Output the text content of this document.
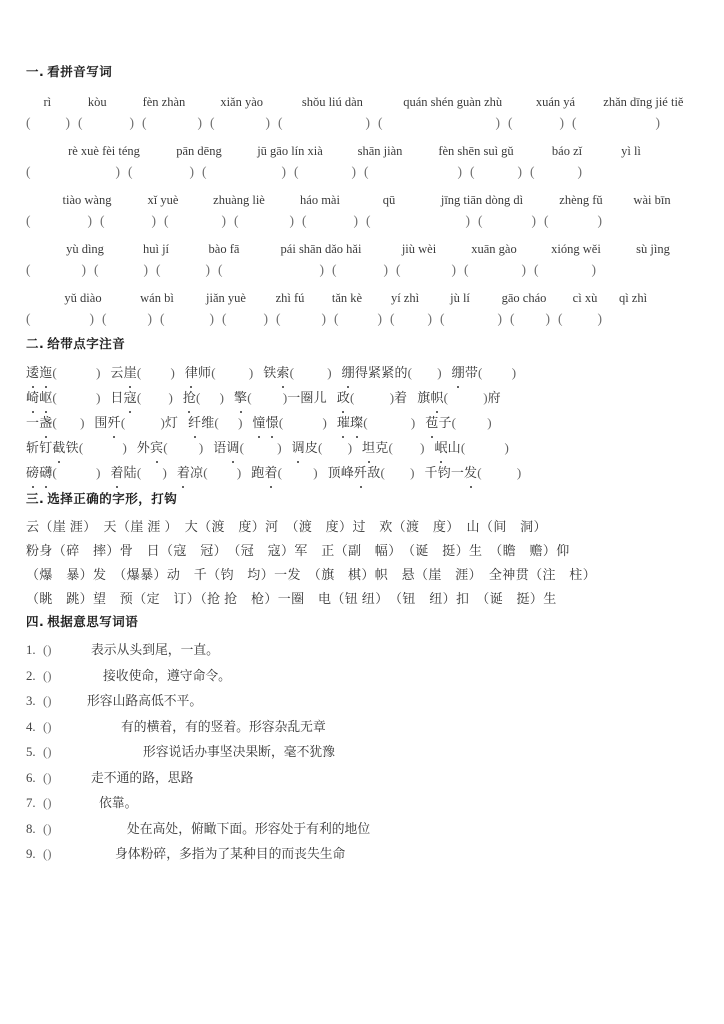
一. 看拼音写词
rì	kòu	fèn zhàn	xiǎn yào	shǒu liú dàn	quán shén guàn zhù	xuán yá	zhǎn dīng jié tiě
(	) (	) (	) (	) (	) (	) (	) (	)
rè xuè fèi téng	pān dēng	jū gāo lín xià	shān jiàn	fèn shēn suì gǔ	báo zǐ	yì lì
(	) (	) (	) (	) (	) (	) (	)
tiào wàng	xǐ yuè	zhuàng liè	háo mài	qū	jīng tiān dòng dì	zhèng fǔ	wài bīn
(	) (	) (	) (	) (	) (	) (	) (	)
yù dìng	huì jí	bào fā	pái shān dǎo hǎi	jiù wèi	xuān gào	xióng wěi	sù jìng
(	) (	) (	) (	) (	) (	) (	) (	)
yǔ diào	wán bì	jiǎn yuè	zhì fú	tǎn kè	yí zhì	jù lí	gāo cháo	cì xù	qì zhì
(	) (	) (	) (	) (	) (	) ( ) (	) ( ) (	)
二. 给带点字注音
逶迤 (	) 云崖 ( ) 律师 (	) 铁索 (	) 绷得紧紧的 ( ) 绷带 ( )
崎岖 (	) 日寇 ( ) 抢 ( ) 擎 ( ) 一圈儿 政 (	) 着 旗帜 (	) 府
一盏 ( ) 围歼 (	) 灯 纤维 ( ) 憧憬 (	) 璀璨 (	) 苞子 ( )
斩钉截铁 (	) 外宾 ( ) 语调 (	) 调皮 ( ) 坦克 ( ) 岷山 (	)
磅礴 (	) 着陆 ( ) 着凉 ( ) 跑着 ( ) 顶峰歼敌 ( ) 千钧一发 (	)
三. 选择正确的字形，打钩
云（崖 涯）　天（崖 涯 ）　大（渡　度）河　（渡　度）过　欢（渡　度）　山（间　洞）
粉身（碎　摔）骨　日（寇　冠）　（冠　寇）军　正（副　幅）　（诞　挺）生　（瞻　赡）仰
（爆　暴）发　（爆暴）动　千（钧　均）一发　（旗　棋）帜　悬（崖　涯）　全神贯（注　柱）
（眺　跳）望　预（定　订）（抢 抢　枪）一圈　电（钮 纽）　（钮　纽）扣　（诞　挺）生
四. 根据意思写词语
1. ()	表示从头到尾，一直。
2. ()	接收使命，遵守命令。
3. ()	形容山路高低不平。
4. ()	有的横着，有的竖着。形容杂乱无章
5. ()	形容说话办事坚决果断，毫不犹豫
6. ()	走不通的路，思路
7. ()	依靠。
8. ()	处在高处，俯瞰下面。形容处于有利的地位
9. ()	身体粉碎，多指为了某种目的而丧失生命
